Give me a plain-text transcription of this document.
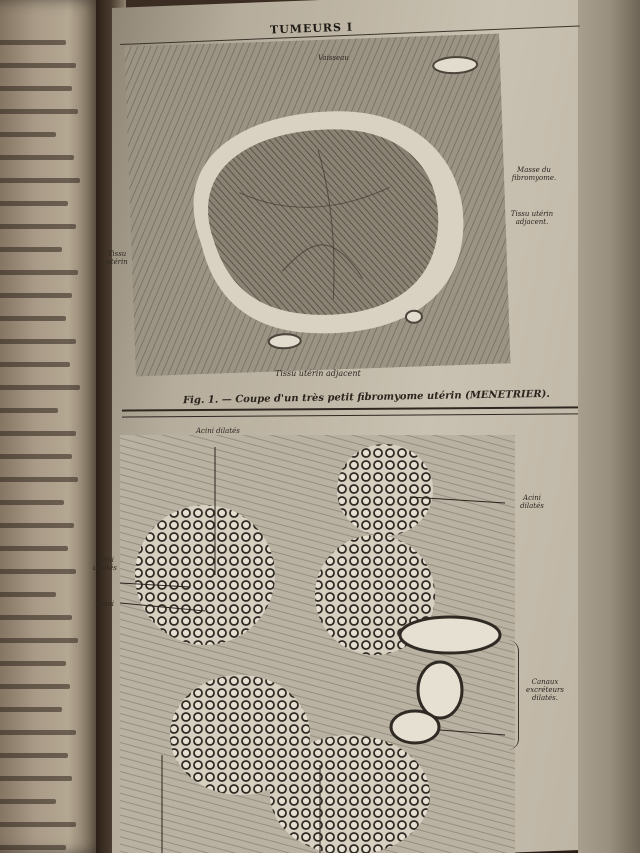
TUMEURS I
Vaisseau
Masse du fibromyome.
Tissu utérin adjacent.
Tissu utérin
Tissu utérin adjacent
Fig. 1. — Coupe d'un très petit fibromyome utérin (MENETRIER).
Acini dilatés
Acini dilatés
Acini dilatés
Acini
Canaux excréteurs dilatés.
